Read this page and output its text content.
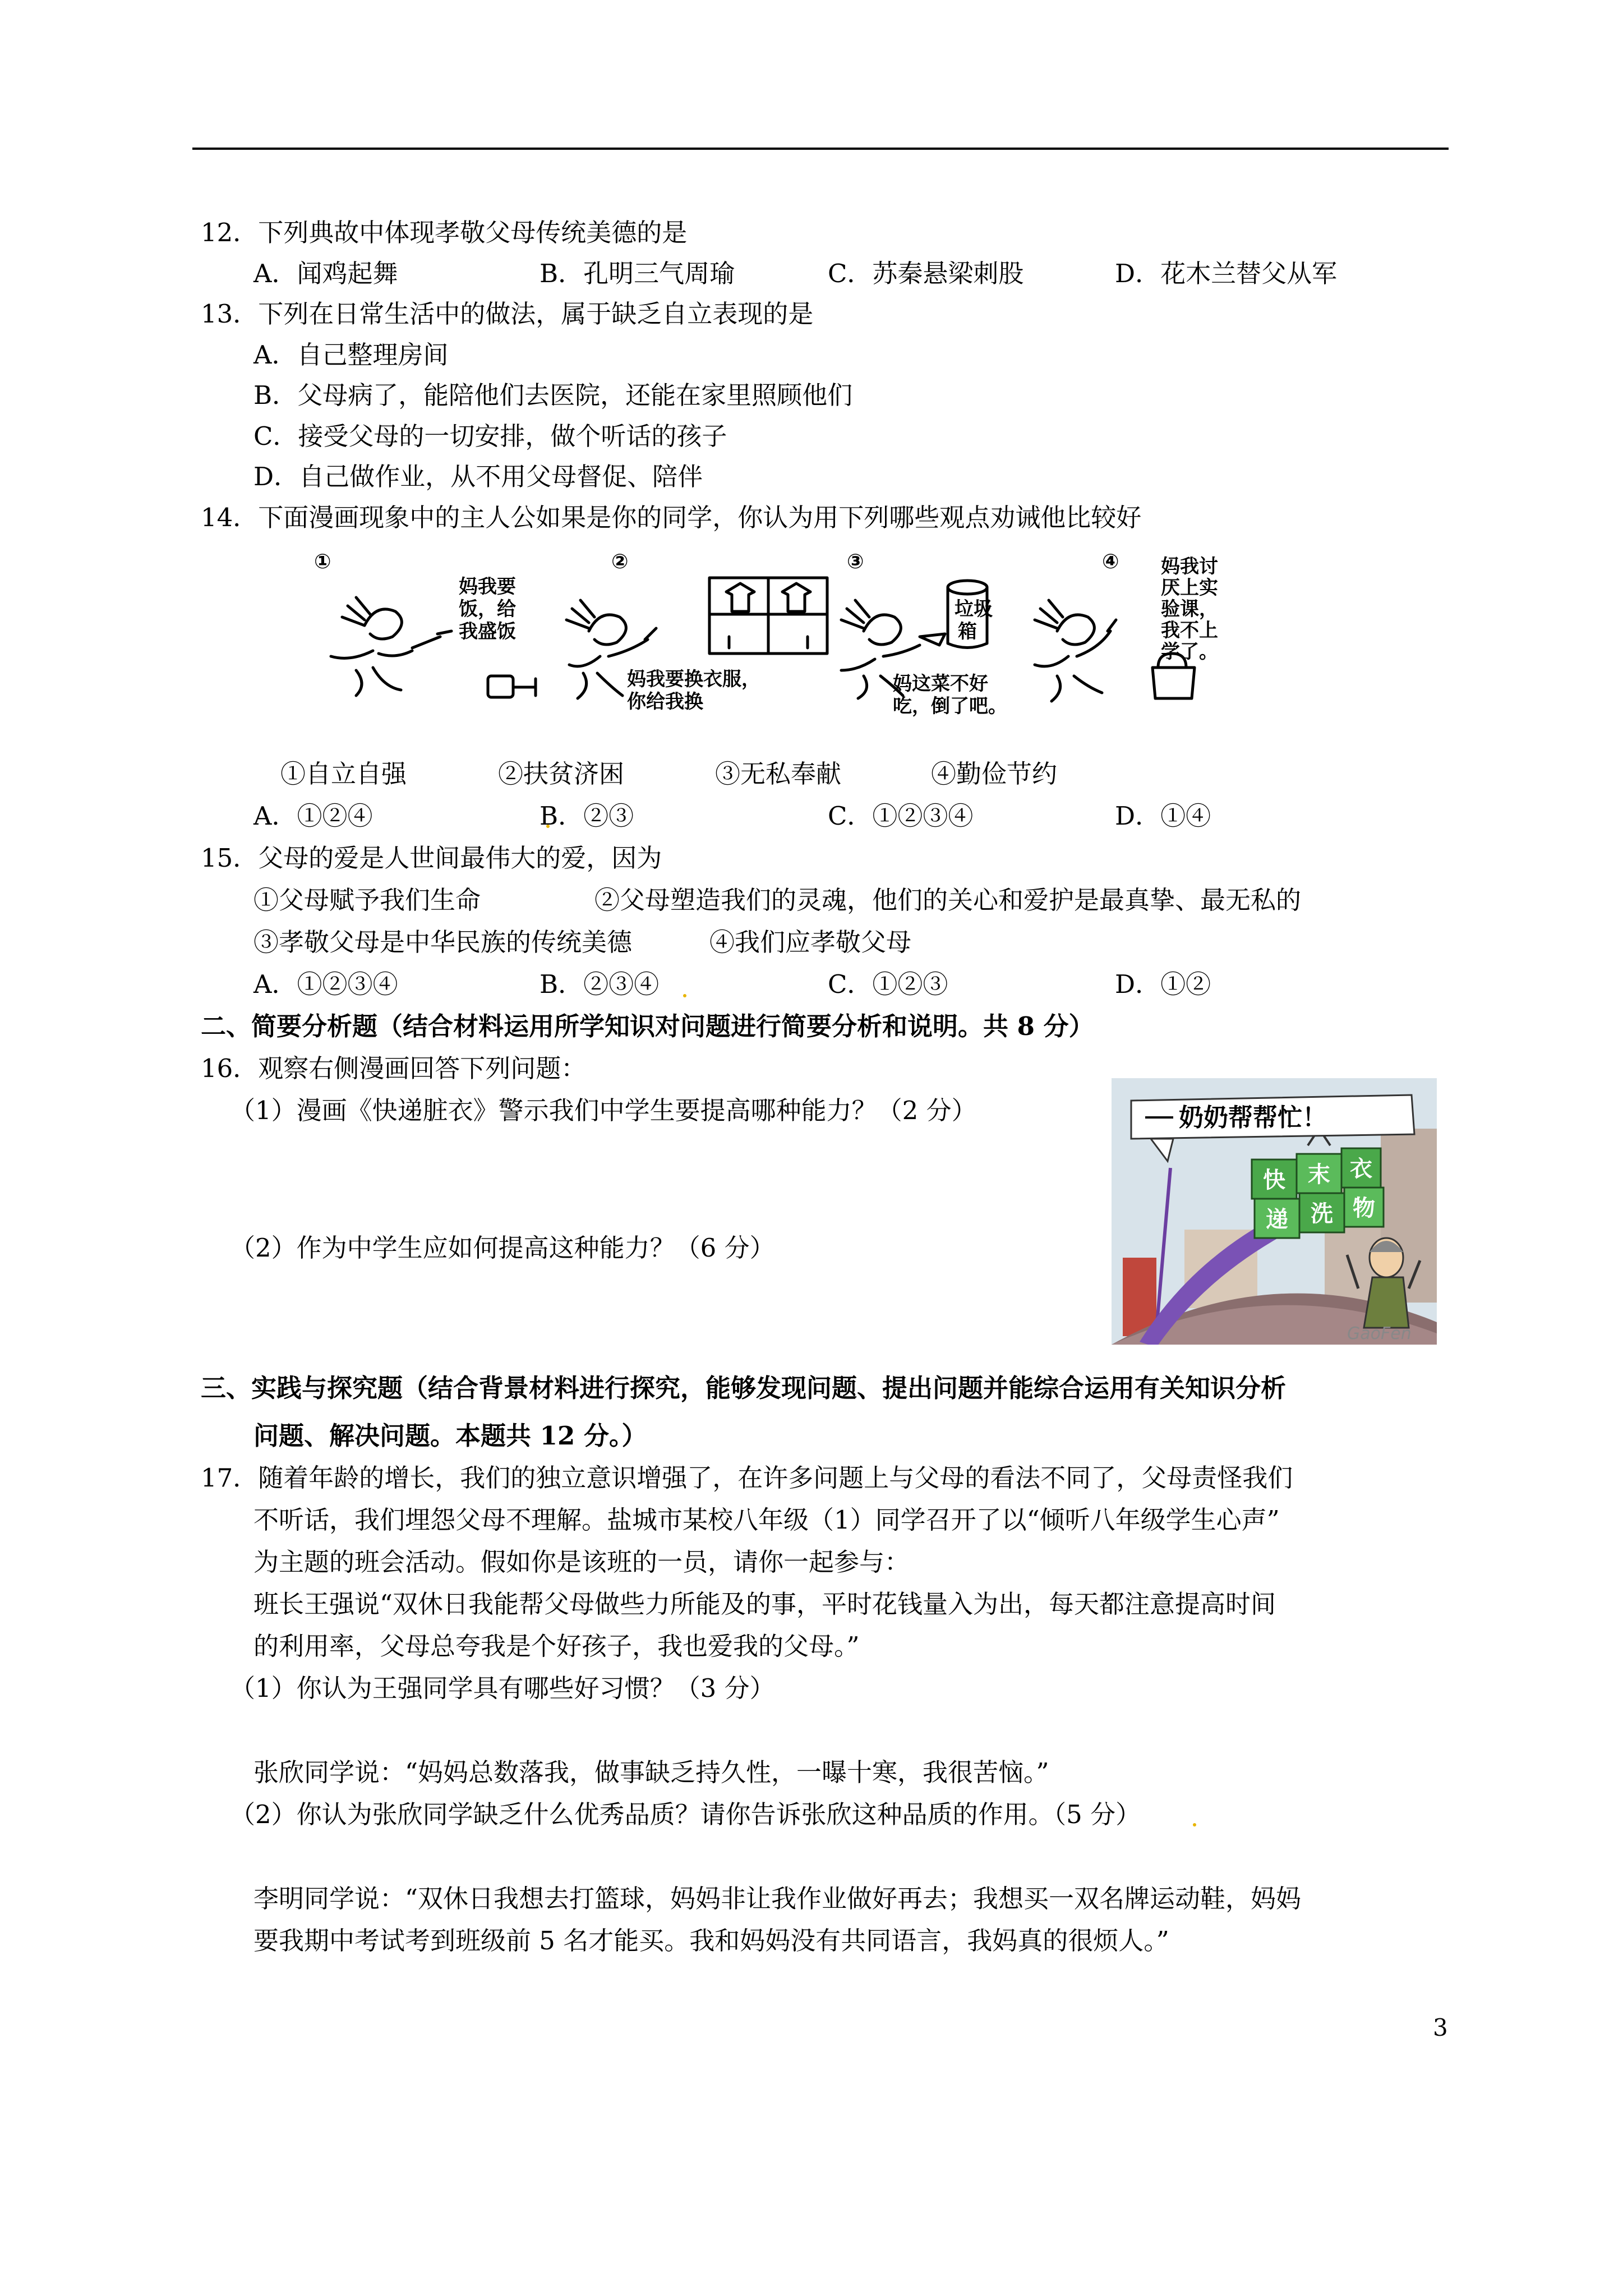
12．下列典故中体现孝敬父母传统美德的是
A．闻鸡起舞	B．孔明三气周瑜	C．苏秦悬梁刺股	D．花木兰替父从军
13．下列在日常生活中的做法，属于缺乏自立表现的是
A．自己整理房间
B．父母病了，能陪他们去医院，还能在家里照顾他们
C．接受父母的一切安排，做个听话的孩子
D．自己做作业，从不用父母督促、陪伴
14．下面漫画现象中的主人公如果是你的同学，你认为用下列哪些观点劝诫他比较好
①	②	③	④
妈我要
饭，给
我盛饭
妈我要换衣服，
你给我换
妈这菜不好
吃，倒了吧。
垃圾
箱
妈我讨
厌上实
验课，
我不上
学了。
①自立自强	②扶贫济困	③无私奉献	④勤俭节约
A．①②④	B．②③	C．①②③④	D．①④
15．父母的爱是人世间最伟大的爱，因为
①父母赋予我们生命	②父母塑造我们的灵魂，他们的关心和爱护是最真挚、最无私的
③孝敬父母是中华民族的传统美德	④我们应孝敬父母
A．①②③④	B．②③④	C．①②③	D．①②
二、简要分析题（结合材料运用所学知识对问题进行简要分析和说明。共 8 分）
16．观察右侧漫画回答下列问题：
（1）漫画《快递脏衣》警示我们中学生要提高哪种能力？（2 分）
（2）作为中学生应如何提高这种能力？（6 分）
快 末 衣
递 洗 物
奶奶帮帮忙！
GaoFen
三、实践与探究题（结合背景材料进行探究，能够发现问题、提出问题并能综合运用有关知识分析
问题、解决问题。本题共 12 分。）
17．随着年龄的增长，我们的独立意识增强了，在许多问题上与父母的看法不同了，父母责怪我们
不听话，我们埋怨父母不理解。盐城市某校八年级（1）同学召开了以“倾听八年级学生心声”
为主题的班会活动。假如你是该班的一员，请你一起参与：
班长王强说“双休日我能帮父母做些力所能及的事，平时花钱量入为出，每天都注意提高时间
的利用率，父母总夸我是个好孩子，我也爱我的父母。”
（1）你认为王强同学具有哪些好习惯？（3 分）
张欣同学说：“妈妈总数落我，做事缺乏持久性，一曝十寒，我很苦恼。”
（2）你认为张欣同学缺乏什么优秀品质？请你告诉张欣这种品质的作用。（5 分）
李明同学说：“双休日我想去打篮球，妈妈非让我作业做好再去；我想买一双名牌运动鞋，妈妈
要我期中考试考到班级前 5 名才能买。我和妈妈没有共同语言，我妈真的很烦人。”
3
